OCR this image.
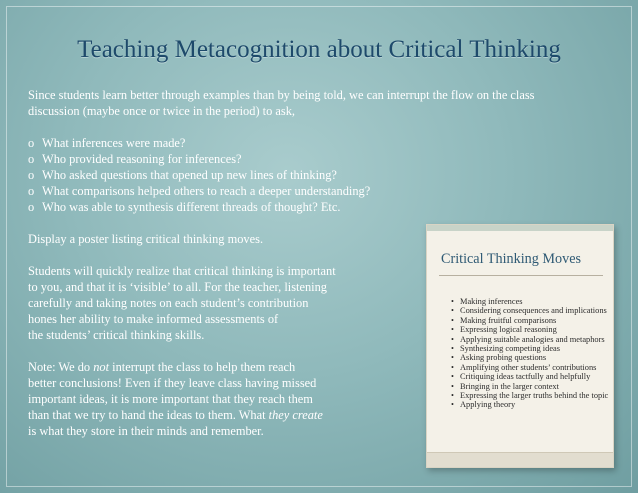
Teaching Metacognition about Critical Thinking

Since students learn better through examples than by being told, we can interrupt the flow on the class discussion (maybe once or twice in the period) to ask,

o What inferences were made?
o Who provided reasoning for inferences?
o Who asked questions that opened up new lines of thinking?
o What comparisons helped others to reach a deeper understanding?
o Who was able to synthesis different threads of thought? Etc.

Display a poster listing critical thinking moves.

Students will quickly realize that critical thinking is important
to you, and that it is ‘visible’ to all. For the teacher, listening
carefully and taking notes on each student’s contribution
hones her ability to make informed assessments of
the students’ critical thinking skills.

Note: We do not interrupt the class to help them reach
better conclusions! Even if they leave class having missed
important ideas, it is more important that they reach them
than that we try to hand the ideas to them. What they create
is what they store in their minds and remember.

Critical Thinking Moves
• Making inferences
• Considering consequences and implications
• Making fruitful comparisons
• Expressing logical reasoning
• Applying suitable analogies and metaphors
• Synthesizing competing ideas
• Asking probing questions
• Amplifying other students’ contributions
• Critiquing ideas tactfully and helpfully
• Bringing in the larger context
• Expressing the larger truths behind the topic
• Applying theory
